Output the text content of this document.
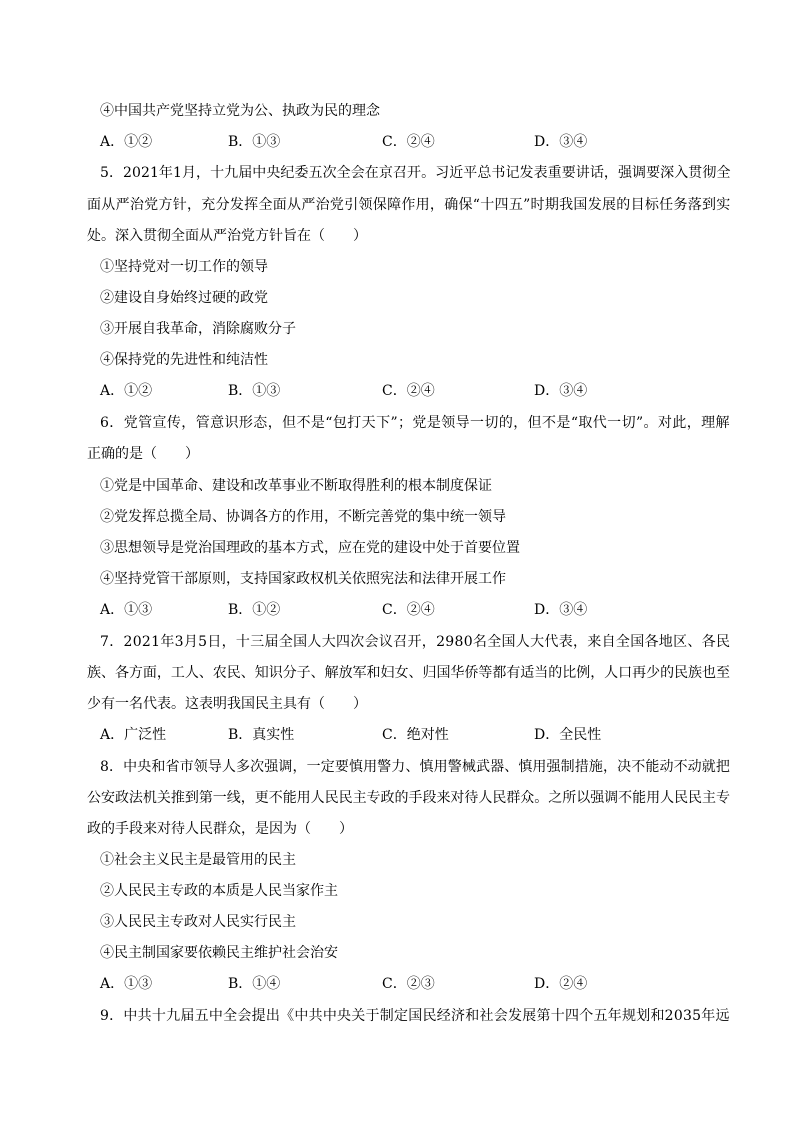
④中国共产党坚持立党为公、执政为民的理念
A．①②	B．①③	C．②④	D．③④
5．2021年1月，十九届中央纪委五次全会在京召开。习近平总书记发表重要讲话，强调要深入贯彻全
面从严治党方针，充分发挥全面从严治党引领保障作用，确保“十四五”时期我国发展的目标任务落到实
处。深入贯彻全面从严治党方针旨在（　　）
①坚持党对一切工作的领导
②建设自身始终过硬的政党
③开展自我革命，消除腐败分子
④保持党的先进性和纯洁性
A．①②	B．①③	C．②④	D．③④
6．党管宣传，管意识形态，但不是“包打天下”；党是领导一切的，但不是“取代一切”。对此，理解
正确的是（　　）
①党是中国革命、建设和改革事业不断取得胜利的根本制度保证
②党发挥总揽全局、协调各方的作用，不断完善党的集中统一领导
③思想领导是党治国理政的基本方式，应在党的建设中处于首要位置
④坚持党管干部原则，支持国家政权机关依照宪法和法律开展工作
A．①③	B．①②	C．②④	D．③④
7．2021年3月5日，十三届全国人大四次会议召开，2980名全国人大代表，来自全国各地区、各民
族、各方面，工人、农民、知识分子、解放军和妇女、归国华侨等都有适当的比例，人口再少的民族也至
少有一名代表。这表明我国民主具有（　　）
A．广泛性	B．真实性	C．绝对性	D．全民性
8．中央和省市领导人多次强调，一定要慎用警力、慎用警械武器、慎用强制措施，决不能动不动就把
公安政法机关推到第一线，更不能用人民民主专政的手段来对待人民群众。之所以强调不能用人民民主专
政的手段来对待人民群众，是因为（　　）
①社会主义民主是最管用的民主
②人民民主专政的本质是人民当家作主
③人民民主专政对人民实行民主
④民主制国家要依赖民主维护社会治安
A．①③	B．①④	C．②③	D．②④
9．中共十九届五中全会提出《中共中央关于制定国民经济和社会发展第十四个五年规划和2035年远
